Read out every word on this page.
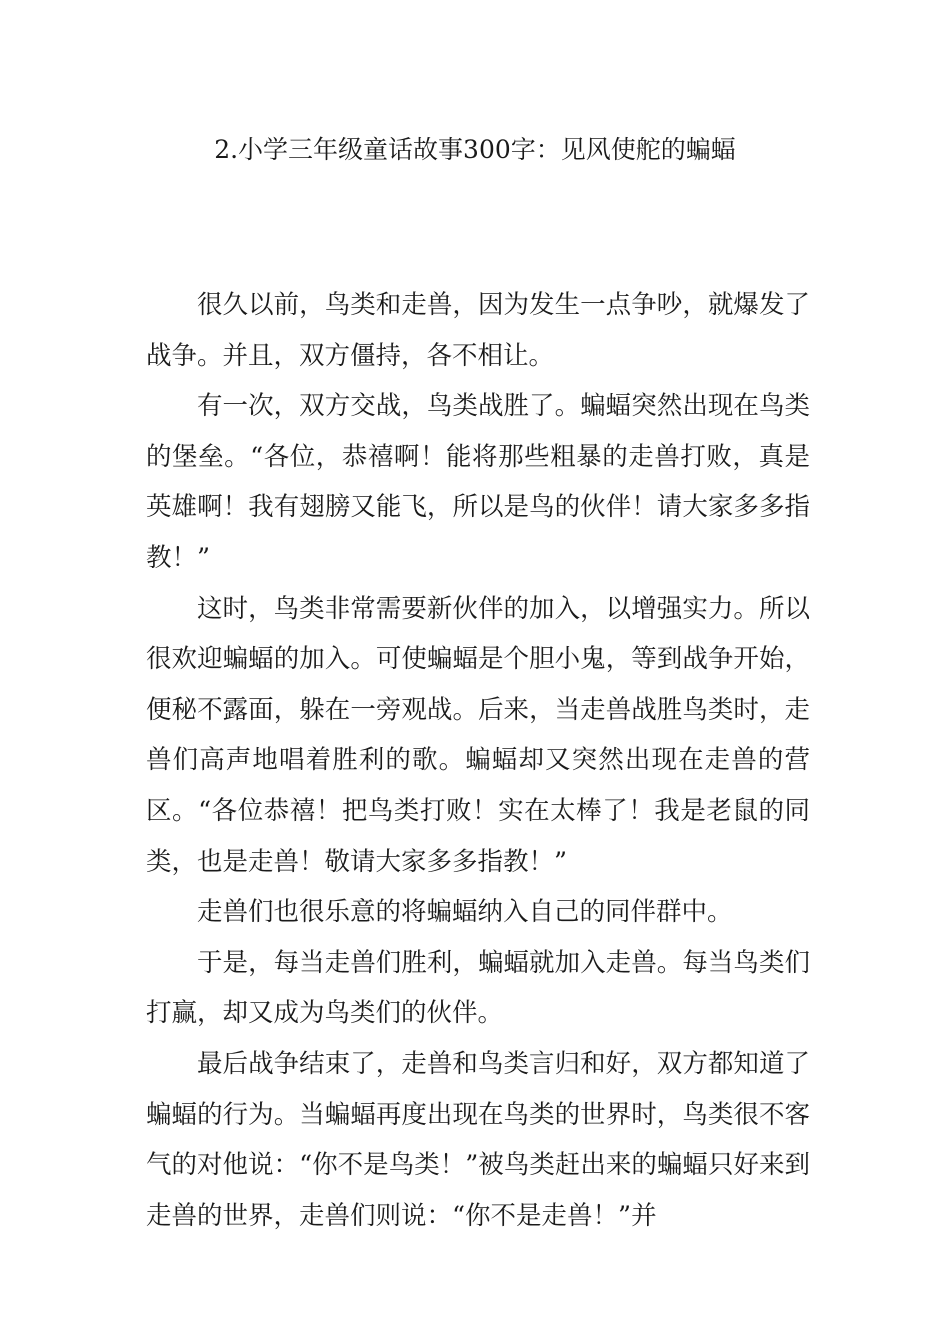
2.小学三年级童话故事300字：见风使舵的蝙蝠

很久以前，鸟类和走兽，因为发生一点争吵，就爆发了战争。并且，双方僵持，各不相让。

有一次，双方交战，鸟类战胜了。蝙蝠突然出现在鸟类的堡垒。“各位，恭禧啊！能将那些粗暴的走兽打败，真是英雄啊！我有翅膀又能飞，所以是鸟的伙伴！请大家多多指教！”

这时，鸟类非常需要新伙伴的加入，以增强实力。所以很欢迎蝙蝠的加入。可使蝙蝠是个胆小鬼，等到战争开始，便秘不露面，躲在一旁观战。后来，当走兽战胜鸟类时，走兽们高声地唱着胜利的歌。蝙蝠却又突然出现在走兽的营区。“各位恭禧！把鸟类打败！实在太棒了！我是老鼠的同类，也是走兽！敬请大家多多指教！”

走兽们也很乐意的将蝙蝠纳入自己的同伴群中。

于是，每当走兽们胜利，蝙蝠就加入走兽。每当鸟类们打赢，却又成为鸟类们的伙伴。

最后战争结束了，走兽和鸟类言归和好，双方都知道了蝙蝠的行为。当蝙蝠再度出现在鸟类的世界时，鸟类很不客气的对他说：“你不是鸟类！”被鸟类赶出来的蝙蝠只好来到走兽的世界，走兽们则说：“你不是走兽！”并
